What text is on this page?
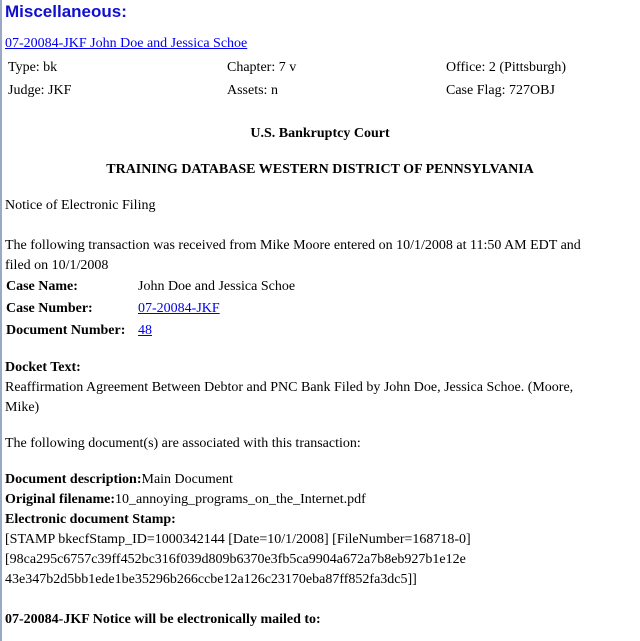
Miscellaneous:
07-20084-JKF John Doe and Jessica Schoe
Type: bk	Chapter: 7 v	Office: 2 (Pittsburgh)
Judge: JKF	Assets: n	Case Flag: 727OBJ
U.S. Bankruptcy Court
TRAINING DATABASE WESTERN DISTRICT OF PENNSYLVANIA
Notice of Electronic Filing
The following transaction was received from Mike Moore entered on 10/1/2008 at 11:50 AM EDT and
filed on 10/1/2008
Case Name:	John Doe and Jessica Schoe
Case Number:	07-20084-JKF
Document Number: 48
Docket Text:
Reaffirmation Agreement Between Debtor and PNC Bank Filed by John Doe, Jessica Schoe. (Moore,
Mike)
The following document(s) are associated with this transaction:
Document description:Main Document
Original filename:10_annoying_programs_on_the_Internet.pdf
Electronic document Stamp:
[STAMP bkecfStamp_ID=1000342144 [Date=10/1/2008] [FileNumber=168718-0]
[98ca295c6757c39ff452bc316f039d809b6370e3fb5ca9904a672a7b8eb927b1e12e
43e347b2d5bb1ede1be35296b266ccbe12a126c23170eba87ff852fa3dc5]]
07-20084-JKF Notice will be electronically mailed to:
